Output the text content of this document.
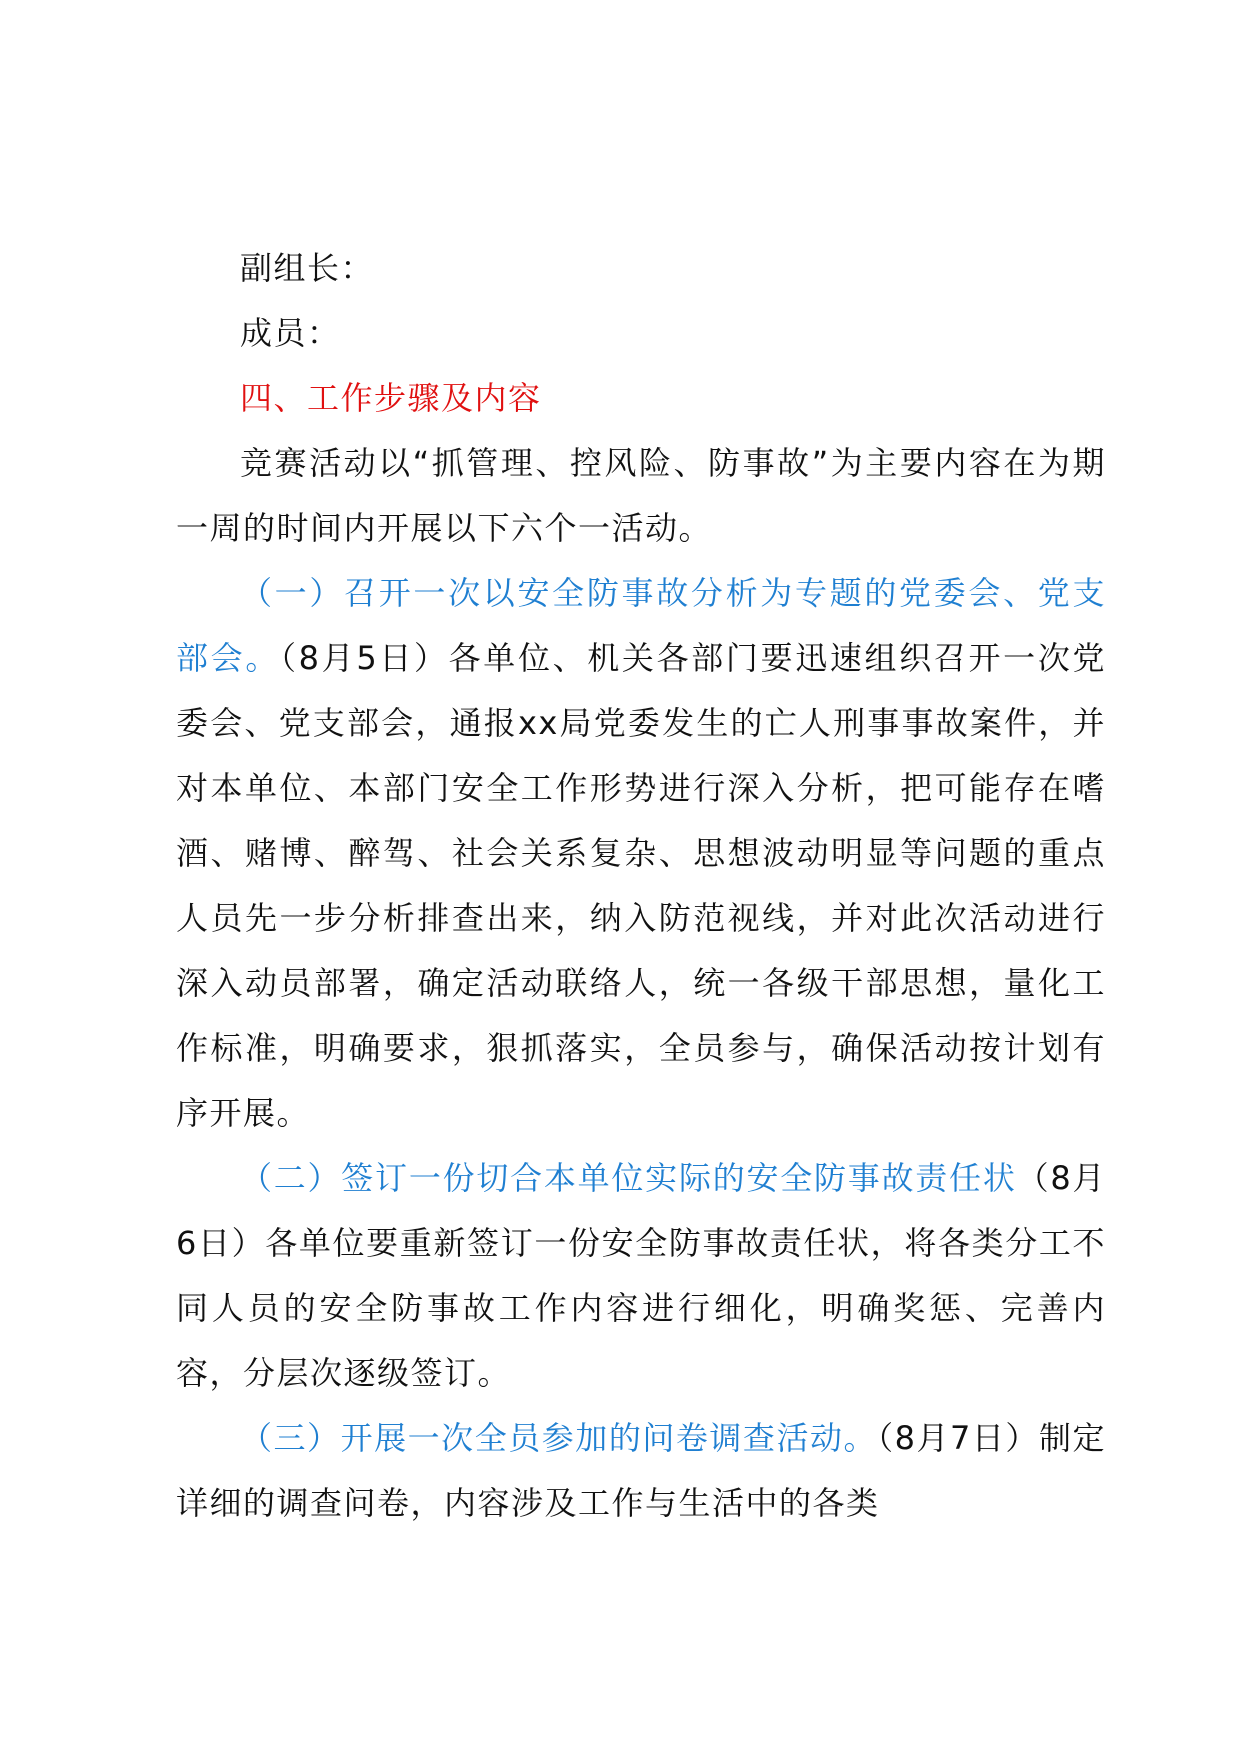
副组长：

成员：

四、工作步骤及内容

竞赛活动以“抓管理、控风险、防事故”为主要内容在为期一周的时间内开展以下六个一活动。

（一）召开一次以安全防事故分析为专题的党委会、党支部会。（8月5日）各单位、机关各部门要迅速组织召开一次党委会、党支部会，通报xx局党委发生的亡人刑事事故案件，并对本单位、本部门安全工作形势进行深入分析，把可能存在嗜酒、赌博、醉驾、社会关系复杂、思想波动明显等问题的重点人员先一步分析排查出来，纳入防范视线，并对此次活动进行深入动员部署，确定活动联络人，统一各级干部思想，量化工作标准，明确要求，狠抓落实，全员参与，确保活动按计划有序开展。

（二）签订一份切合本单位实际的安全防事故责任状（8月6日）各单位要重新签订一份安全防事故责任状，将各类分工不同人员的安全防事故工作内容进行细化，明确奖惩、完善内容，分层次逐级签订。

（三）开展一次全员参加的问卷调查活动。（8月7日）制定详细的调查问卷，内容涉及工作与生活中的各类
